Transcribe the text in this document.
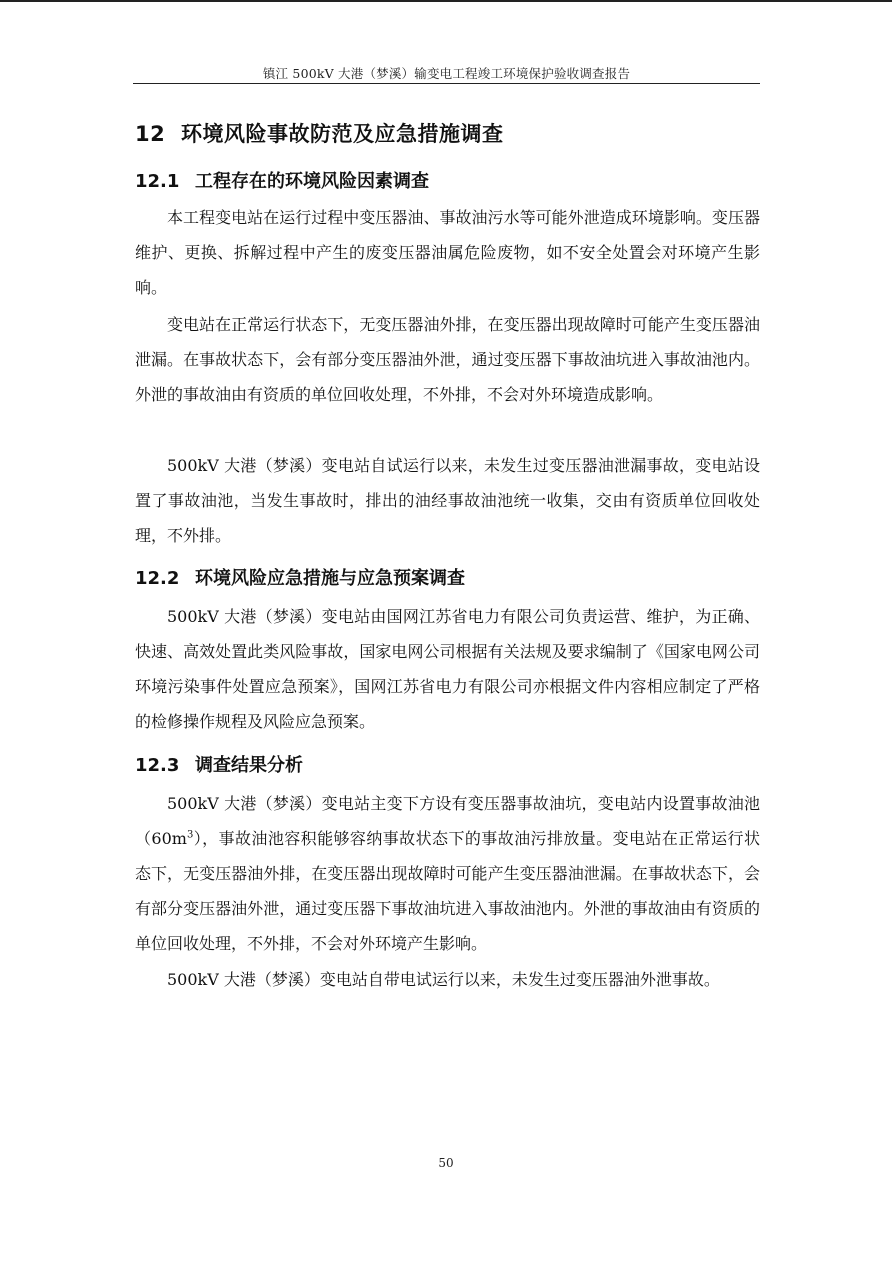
镇江 500kV 大港（梦溪）输变电工程竣工环境保护验收调查报告
12 环境风险事故防范及应急措施调查
12.1 工程存在的环境风险因素调查

本工程变电站在运行过程中变压器油、事故油污水等可能外泄造成环境影响。变压器维护、更换、拆解过程中产生的废变压器油属危险废物，如不安全处置会对环境产生影响。

变电站在正常运行状态下，无变压器油外排，在变压器出现故障时可能产生变压器油泄漏。在事故状态下，会有部分变压器油外泄，通过变压器下事故油坑进入事故油池内。外泄的事故油由有资质的单位回收处理，不外排，不会对外环境造成影响。

500kV 大港（梦溪）变电站自试运行以来，未发生过变压器油泄漏事故，变电站设置了事故油池，当发生事故时，排出的油经事故油池统一收集，交由有资质单位回收处理，不外排。

12.2 环境风险应急措施与应急预案调查

500kV 大港（梦溪）变电站由国网江苏省电力有限公司负责运营、维护，为正确、快速、高效处置此类风险事故，国家电网公司根据有关法规及要求编制了《国家电网公司环境污染事件处置应急预案》，国网江苏省电力有限公司亦根据文件内容相应制定了严格的检修操作规程及风险应急预案。

12.3 调查结果分析

500kV 大港（梦溪）变电站主变下方设有变压器事故油坑，变电站内设置事故油池$(60m^3)$，事故油池容积能够容纳事故状态下的事故油污排放量。变电站在正常运行状态下，无变压器油外排，在变压器出现故障时可能产生变压器油泄漏。在事故状态下，会有部分变压器油外泄，通过变压器下事故油坑进入事故油池内。外泄的事故油由有资质的单位回收处理，不外排，不会对外环境产生影响。

500kV 大港（梦溪）变电站自带电试运行以来，未发生过变压器油外泄事故。

50
